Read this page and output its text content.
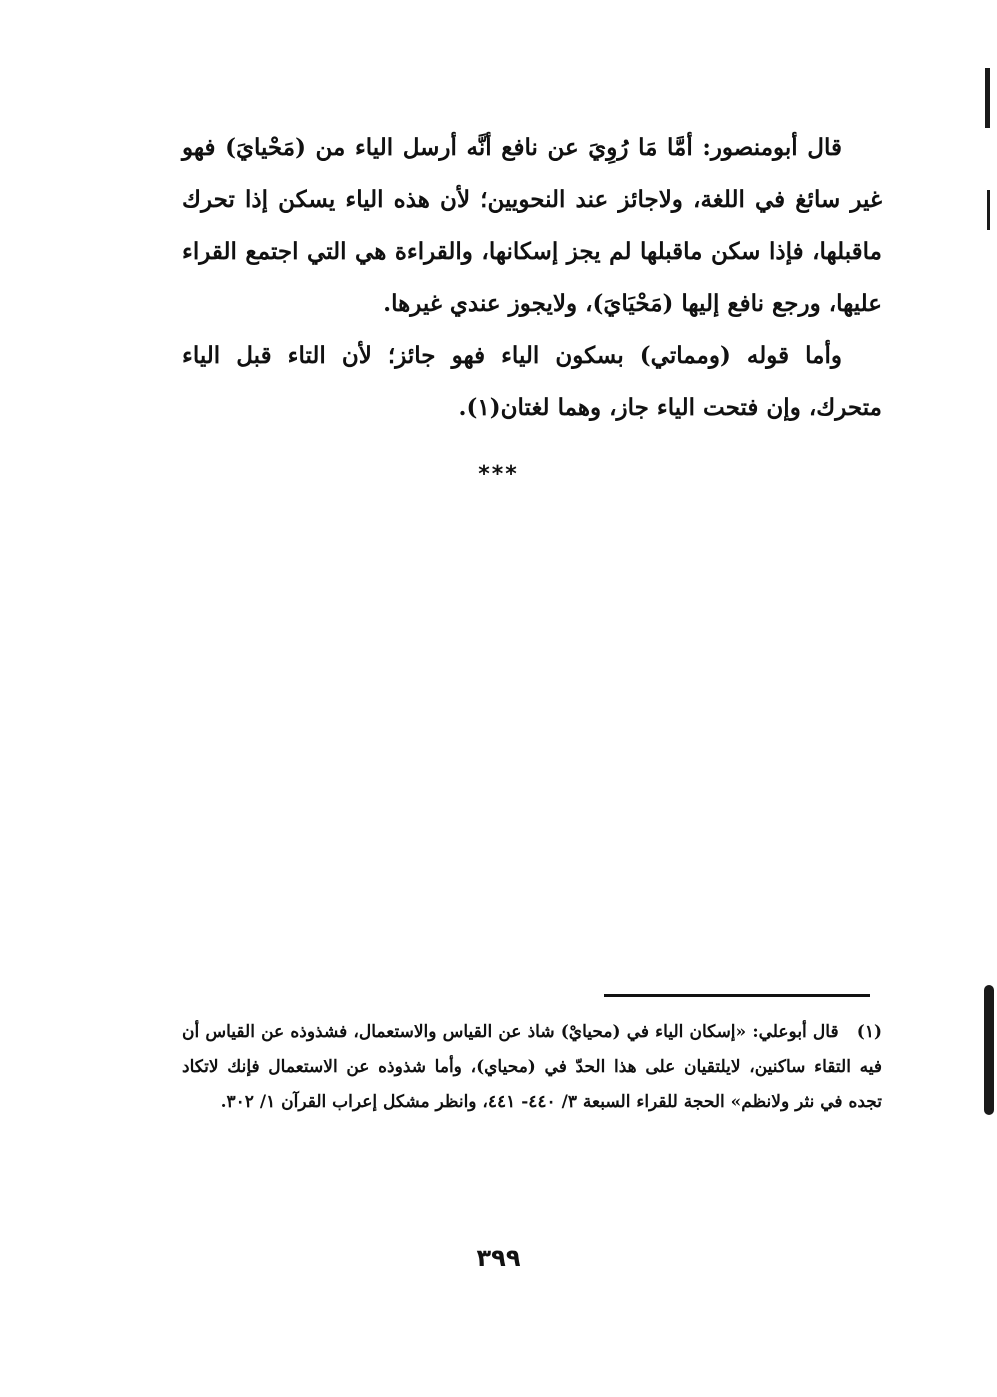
قال أبومنصور: أمَّا مَا رُوِيَ عن نافع أنَّه أرسل الياء من (مَحْيايَ) فهو غير سائغ في اللغة، ولاجائز عند النحويين؛ لأن هذه الياء يسكن إذا تحرك ماقبلها، فإذا سكن ماقبلها لم يجز إسكانها، والقراءة هي التي اجتمع القراء عليها، ورجع نافع إليها (مَحْيَايَ)، ولايجوز عندي غيرها.

وأما قوله (ومماتي) بسكون الياء فهو جائز؛ لأن التاء قبل الياء متحرك، وإن فتحت الياء جاز، وهما لغتان(١).

***

(١) قال أبوعلي: «إسكان الياء في (محيايْ) شاذ عن القياس والاستعمال، فشذوذه عن القياس أن فيه التقاء ساكنين، لايلتقيان على هذا الحدّ في (محياي)، وأما شذوذه عن الاستعمال فإنك لاتكاد تجده في نثر ولانظم» الحجة للقراء السبعة ٣/ ٤٤٠- ٤٤١، وانظر مشكل إعراب القرآن ١/ ٣٠٢.

٣٩٩
